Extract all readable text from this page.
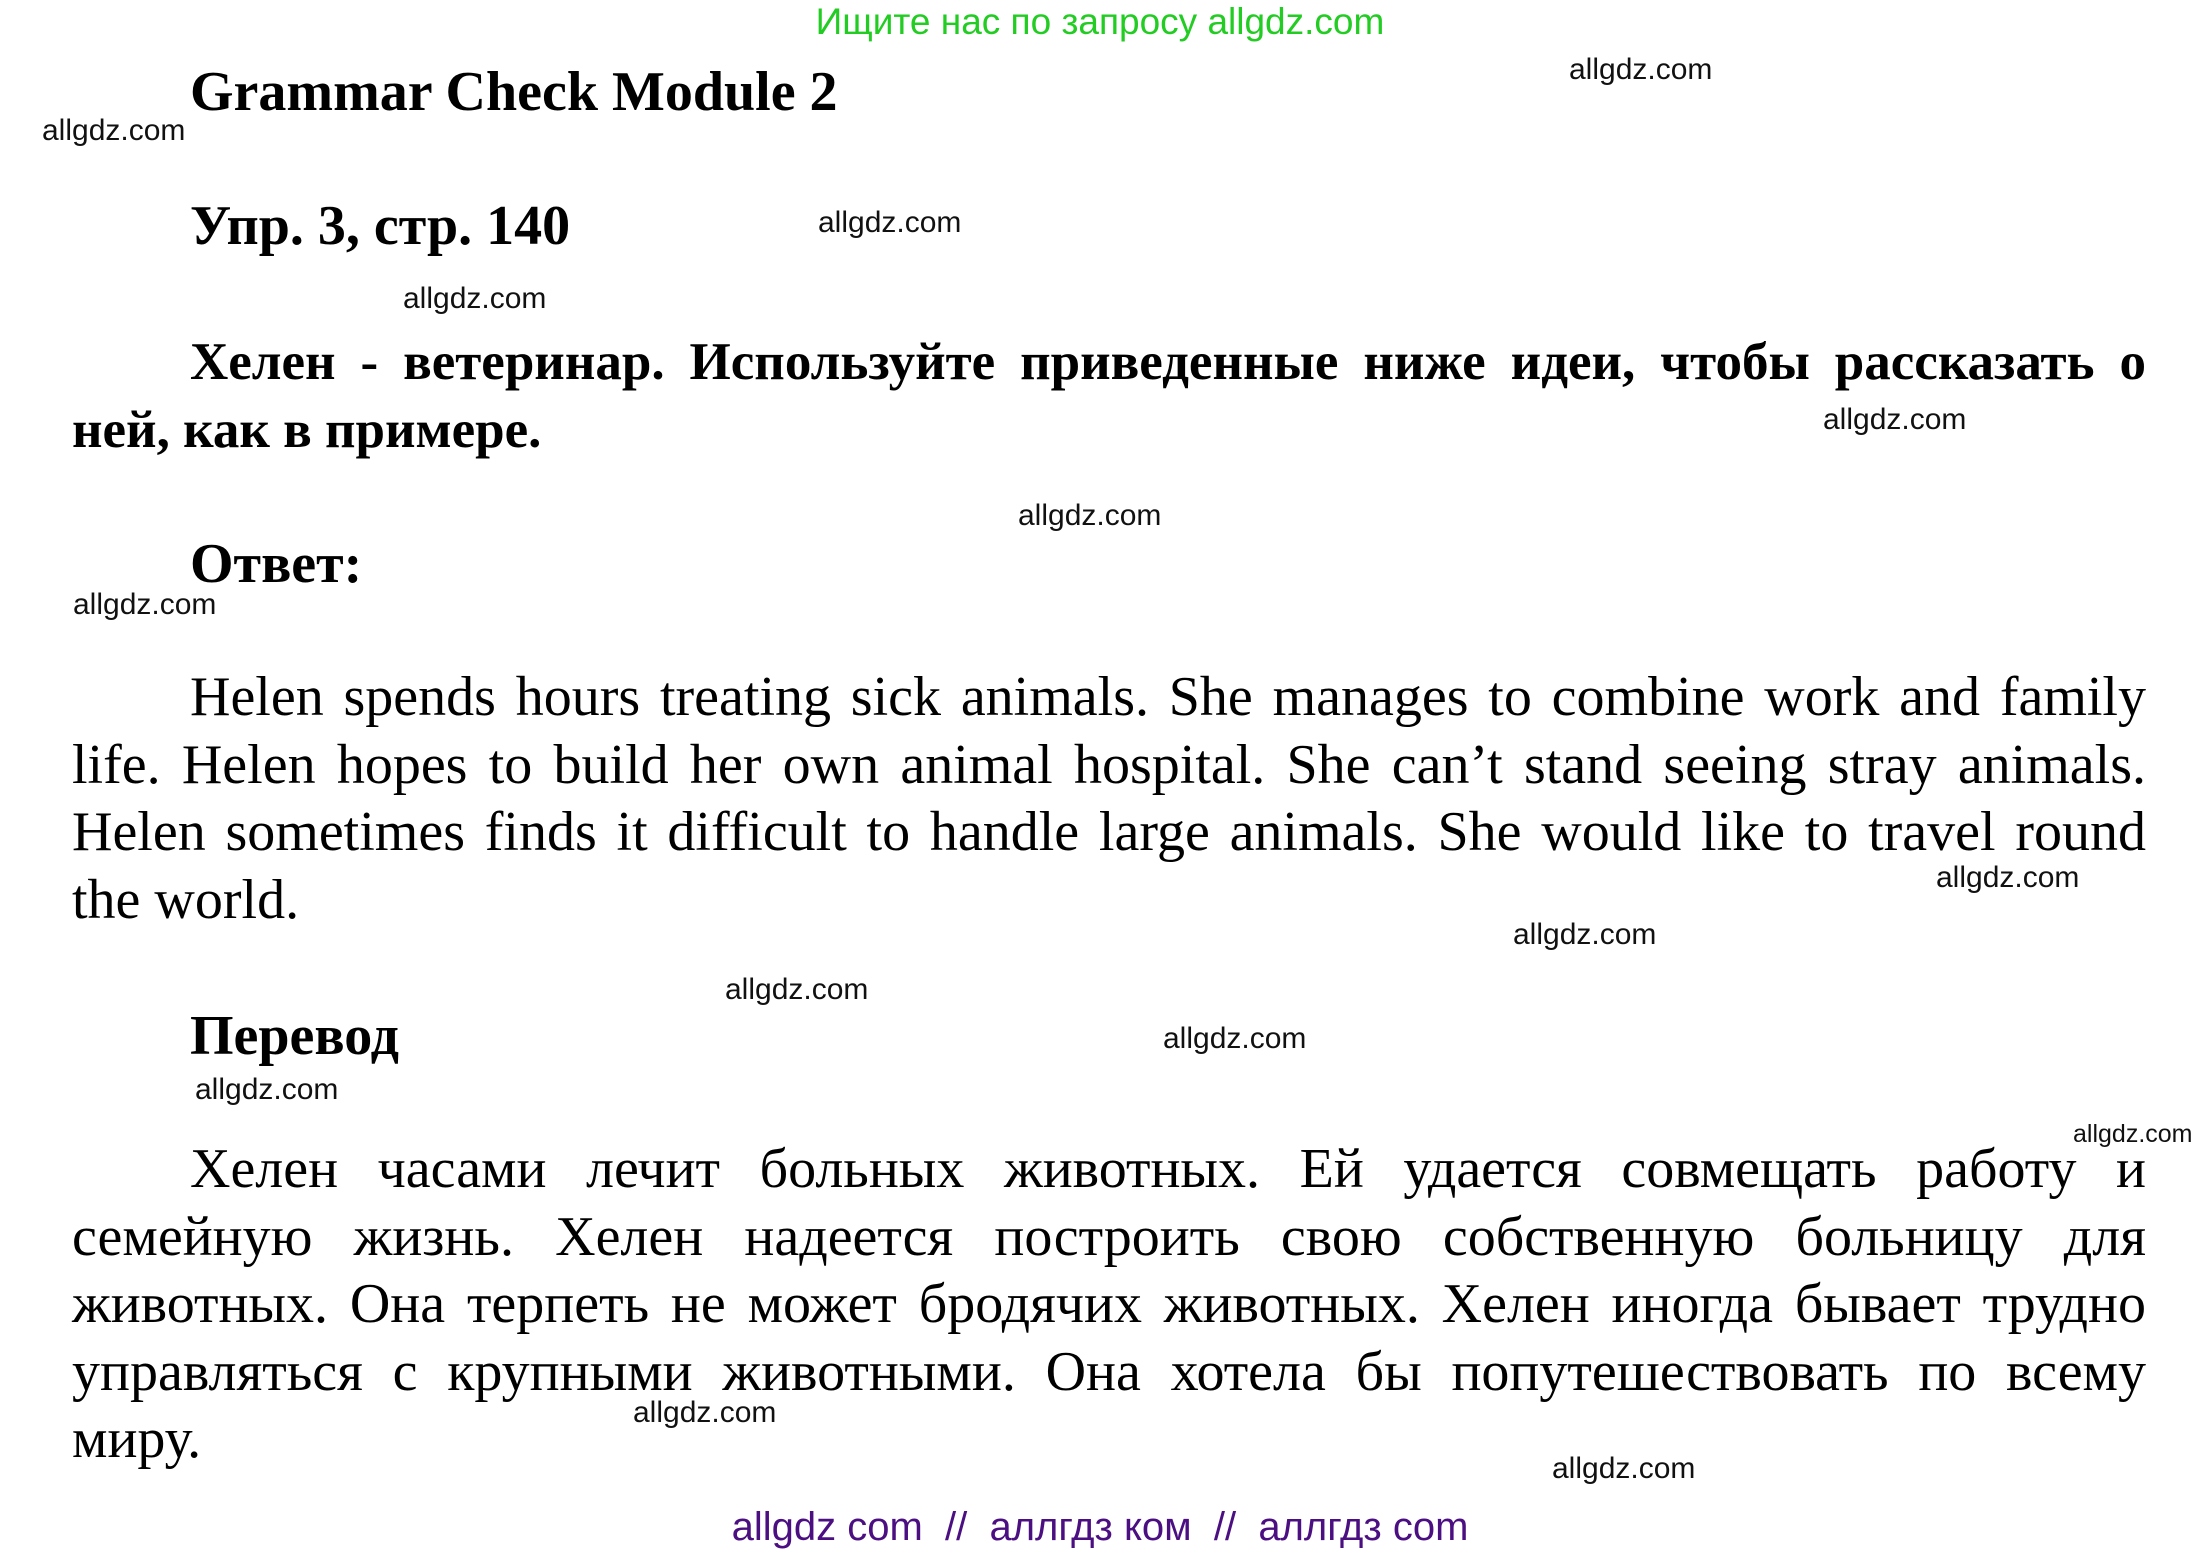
Ищите нас по запросу allgdz.com
Grammar Check Module 2
Упр. 3, стр. 140
Хелен - ветеринар. Используйте приведенные ниже идеи, чтобы рассказать о ней, как в примере.
Ответ:
Helen spends hours treating sick animals. She manages to combine work and family life. Helen hopes to build her own animal hospital. She can’t stand seeing stray animals. Helen sometimes finds it difficult to handle large animals. She would like to travel round the world.
Перевод
Хелен часами лечит больных животных. Ей удается совмещать работу и семейную жизнь. Хелен надеется построить свою собственную больницу для животных. Она терпеть не может бродячих животных. Хелен иногда бывает трудно управляться с крупными животными. Она хотела бы попутешествовать по всему миру.
allgdz.com
allgdz.com
allgdz.com
allgdz.com
allgdz.com
allgdz.com
allgdz.com
allgdz.com
allgdz.com
allgdz.com
allgdz.com
allgdz.com
allgdz.com
allgdz.com
allgdz.com
allgdz com  //  аллгдз ком  //  аллгдз com
